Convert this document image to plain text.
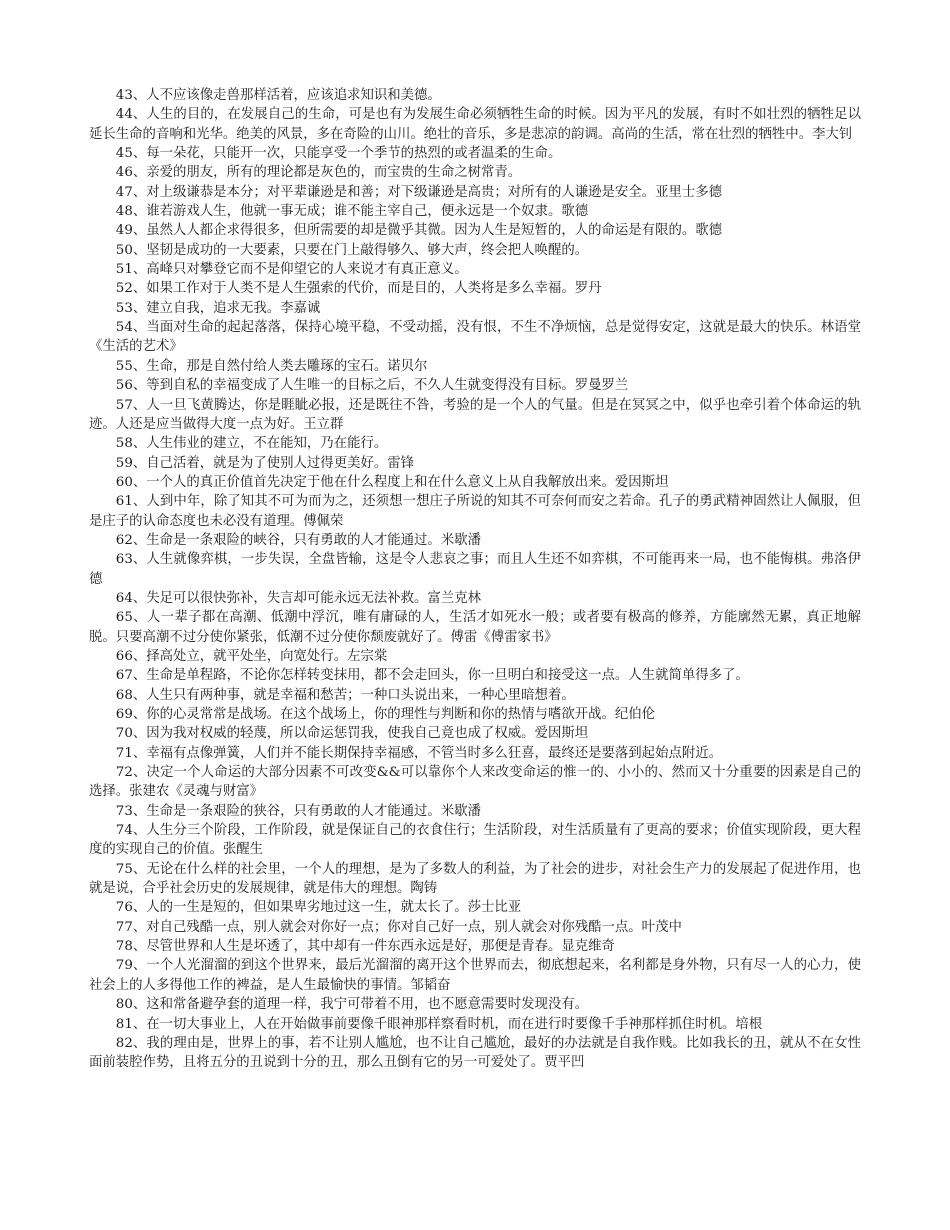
43、人不应该像走兽那样活着，应该追求知识和美德。

44、人生的目的，在发展自己的生命，可是也有为发展生命必须牺牲生命的时候。因为平凡的发展，有时不如壮烈的牺牲足以延长生命的音响和光华。绝美的风景，多在奇险的山川。绝壮的音乐，多是悲凉的韵调。高尚的生活，常在壮烈的牺牲中。李大钊

45、每一朵花，只能开一次，只能享受一个季节的热烈的或者温柔的生命。

46、亲爱的朋友，所有的理论都是灰色的，而宝贵的生命之树常青。

47、对上级谦恭是本分；对平辈谦逊是和善；对下级谦逊是高贵；对所有的人谦逊是安全。亚里士多德

48、谁若游戏人生，他就一事无成；谁不能主宰自己，便永远是一个奴隶。歌德

49、虽然人人都企求得很多，但所需要的却是微乎其微。因为人生是短暂的，人的命运是有限的。歌德

50、坚韧是成功的一大要素，只要在门上敲得够久、够大声，终会把人唤醒的。

51、高峰只对攀登它而不是仰望它的人来说才有真正意义。

52、如果工作对于人类不是人生强索的代价，而是目的，人类将是多么幸福。罗丹

53、建立自我，追求无我。李嘉诚

54、当面对生命的起起落落，保持心境平稳，不受动摇，没有恨，不生不净烦恼，总是觉得安定，这就是最大的快乐。林语堂《生活的艺术》

55、生命，那是自然付给人类去雕琢的宝石。诺贝尔

56、等到自私的幸福变成了人生唯一的目标之后，不久人生就变得没有目标。罗曼罗兰

57、人一旦飞黄腾达，你是睚眦必报，还是既往不咎，考验的是一个人的气量。但是在冥冥之中，似乎也牵引着个体命运的轨迹。人还是应当做得大度一点为好。王立群

58、人生伟业的建立，不在能知，乃在能行。

59、自己活着，就是为了使别人过得更美好。雷锋

60、一个人的真正价值首先决定于他在什么程度上和在什么意义上从自我解放出来。爱因斯坦

61、人到中年，除了知其不可为而为之，还须想一想庄子所说的知其不可奈何而安之若命。孔子的勇武精神固然让人佩服，但是庄子的认命态度也未必没有道理。傅佩荣

62、生命是一条艰险的峡谷，只有勇敢的人才能通过。米歇潘

63、人生就像弈棋，一步失误，全盘皆输，这是令人悲哀之事；而且人生还不如弈棋，不可能再来一局，也不能悔棋。弗洛伊德

64、失足可以很快弥补，失言却可能永远无法补救。富兰克林

65、人一辈子都在高潮、低潮中浮沉，唯有庸碌的人，生活才如死水一般；或者要有极高的修养，方能廓然无累，真正地解脱。只要高潮不过分使你紧张，低潮不过分使你颓废就好了。傅雷《傅雷家书》

66、择高处立，就平处坐，向宽处行。左宗棠

67、生命是单程路，不论你怎样转变抹用，都不会走回头，你一旦明白和接受这一点。人生就简单得多了。

68、人生只有两种事，就是幸福和愁苦；一种口头说出来，一种心里暗想着。

69、你的心灵常常是战场。在这个战场上，你的理性与判断和你的热情与嗜欲开战。纪伯伦

70、因为我对权威的轻蔑，所以命运惩罚我，使我自己竟也成了权威。爱因斯坦

71、幸福有点像弹簧，人们并不能长期保持幸福感，不管当时多么狂喜，最终还是要落到起始点附近。

72、决定一个人命运的大部分因素不可改变&&可以靠你个人来改变命运的惟一的、小小的、然而又十分重要的因素是自己的选择。张建农《灵魂与财富》

73、生命是一条艰险的狭谷，只有勇敢的人才能通过。米歇潘

74、人生分三个阶段，工作阶段，就是保证自己的衣食住行；生活阶段，对生活质量有了更高的要求；价值实现阶段，更大程度的实现自己的价值。张醒生

75、无论在什么样的社会里，一个人的理想，是为了多数人的利益，为了社会的进步，对社会生产力的发展起了促进作用，也就是说，合乎社会历史的发展规律，就是伟大的理想。陶铸

76、人的一生是短的，但如果卑劣地过这一生，就太长了。莎士比亚

77、对自己残酷一点，别人就会对你好一点；你对自己好一点，别人就会对你残酷一点。叶茂中

78、尽管世界和人生是坏透了，其中却有一件东西永远是好，那便是青春。显克维奇

79、一个人光溜溜的到这个世界来，最后光溜溜的离开这个世界而去，彻底想起来，名利都是身外物，只有尽一人的心力，使社会上的人多得他工作的裨益，是人生最愉快的事情。邹韬奋

80、这和常备避孕套的道理一样，我宁可带着不用，也不愿意需要时发现没有。

81、在一切大事业上，人在开始做事前要像千眼神那样察看时机，而在进行时要像千手神那样抓住时机。培根

82、我的理由是，世界上的事，若不让别人尴尬，也不让自己尴尬，最好的办法就是自我作贱。比如我长的丑，就从不在女性面前装腔作势，且将五分的丑说到十分的丑，那么丑倒有它的另一可爱处了。贾平凹
